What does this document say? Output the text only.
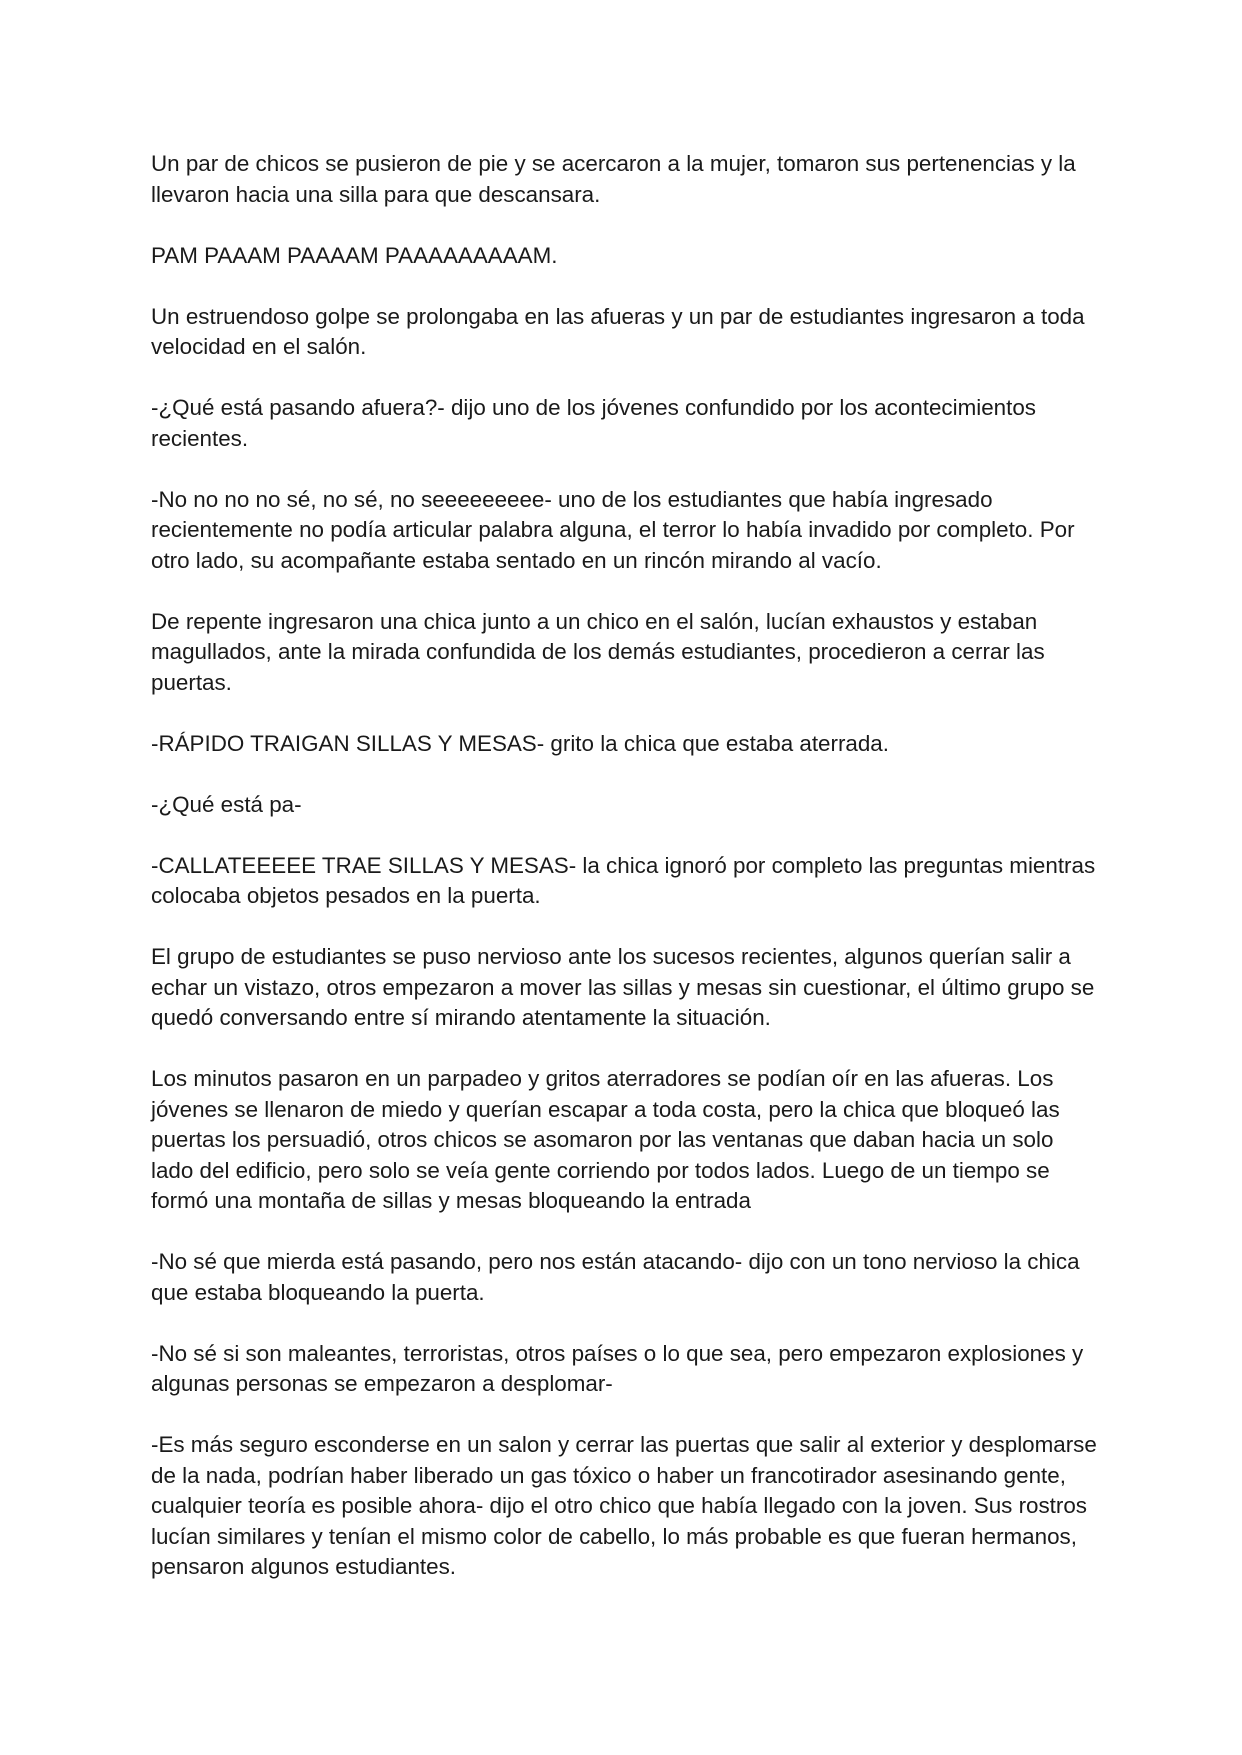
Un par de chicos se pusieron de pie y se acercaron a la mujer, tomaron sus pertenencias y la llevaron hacia una silla para que descansara.

PAM PAAAM PAAAAM PAAAAAAAAAM.

Un estruendoso golpe se prolongaba en las afueras y un par de estudiantes ingresaron a toda velocidad en el salón.

-¿Qué está pasando afuera?- dijo uno de los jóvenes confundido por los acontecimientos recientes.

-No no no no sé, no sé, no seeeeeeeee- uno de los estudiantes que había ingresado recientemente no podía articular palabra alguna, el terror lo había invadido por completo. Por otro lado, su acompañante estaba sentado en un rincón mirando al vacío.

De repente ingresaron una chica junto a un chico en el salón, lucían exhaustos y estaban magullados, ante la mirada confundida de los demás estudiantes, procedieron a cerrar las puertas.

-RÁPIDO TRAIGAN SILLAS Y MESAS- grito la chica que estaba aterrada.

-¿Qué está pa-

-CALLATEEEEE TRAE SILLAS Y MESAS- la chica ignoró por completo las preguntas mientras colocaba objetos pesados en la puerta.

El grupo de estudiantes se puso nervioso ante los sucesos recientes, algunos querían salir a echar un vistazo, otros empezaron a mover las sillas y mesas sin cuestionar, el último grupo se quedó conversando entre sí mirando atentamente la situación.

Los minutos pasaron en un parpadeo y gritos aterradores se podían oír en las afueras. Los jóvenes se llenaron de miedo y querían escapar a toda costa, pero la chica que bloqueó las puertas los persuadió, otros chicos se asomaron por las ventanas que daban hacia un solo lado del edificio, pero solo se veía gente corriendo por todos lados. Luego de un tiempo se formó una montaña de sillas y mesas bloqueando la entrada

-No sé que mierda está pasando, pero nos están atacando- dijo con un tono nervioso la chica que estaba bloqueando la puerta.

-No sé si son maleantes, terroristas, otros países o lo que sea, pero empezaron explosiones y algunas personas se empezaron a desplomar-

-Es más seguro esconderse en un salon y cerrar las puertas que salir al exterior y desplomarse de la nada, podrían haber liberado un gas tóxico o haber un francotirador asesinando gente, cualquier teoría es posible ahora- dijo el otro chico que había llegado con la joven. Sus rostros lucían similares y tenían el mismo color de cabello, lo más probable es que fueran hermanos, pensaron algunos estudiantes.
